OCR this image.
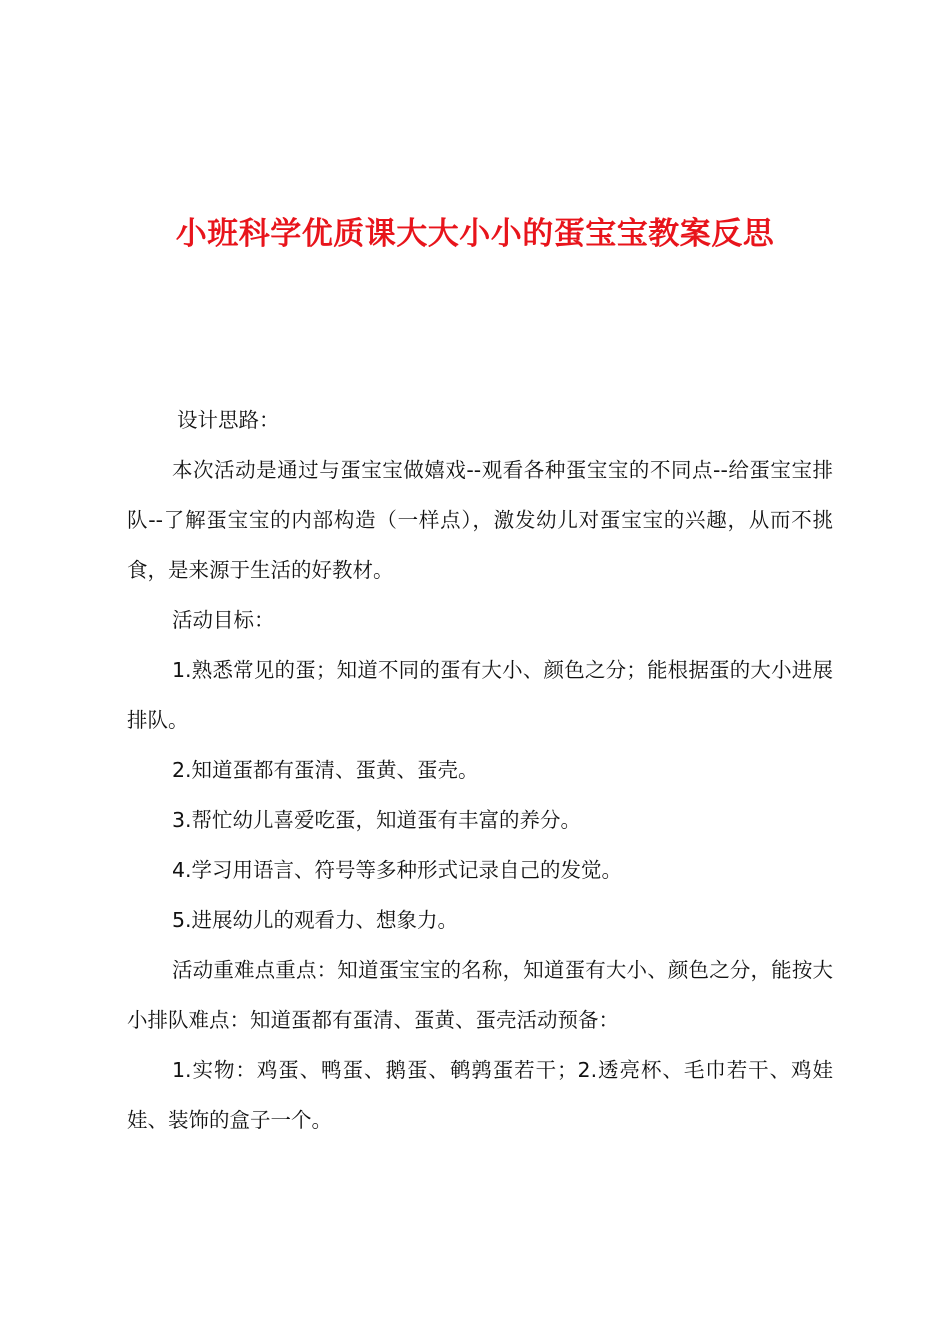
小班科学优质课大大小小的蛋宝宝教案反思

设计思路：

本次活动是通过与蛋宝宝做嬉戏--观看各种蛋宝宝的不同点--给蛋宝宝排队--了解蛋宝宝的内部构造（一样点），激发幼儿对蛋宝宝的兴趣，从而不挑食，是来源于生活的好教材。

活动目标：

1.熟悉常见的蛋；知道不同的蛋有大小、颜色之分；能根据蛋的大小进展排队。

2.知道蛋都有蛋清、蛋黄、蛋壳。

3.帮忙幼儿喜爱吃蛋，知道蛋有丰富的养分。

4.学习用语言、符号等多种形式记录自己的发觉。

5.进展幼儿的观看力、想象力。

活动重难点重点：知道蛋宝宝的名称，知道蛋有大小、颜色之分，能按大小排队难点：知道蛋都有蛋清、蛋黄、蛋壳活动预备：

1.实物：鸡蛋、鸭蛋、鹅蛋、鹌鹑蛋若干；2.透亮杯、毛巾若干、鸡娃娃、装饰的盒子一个。
